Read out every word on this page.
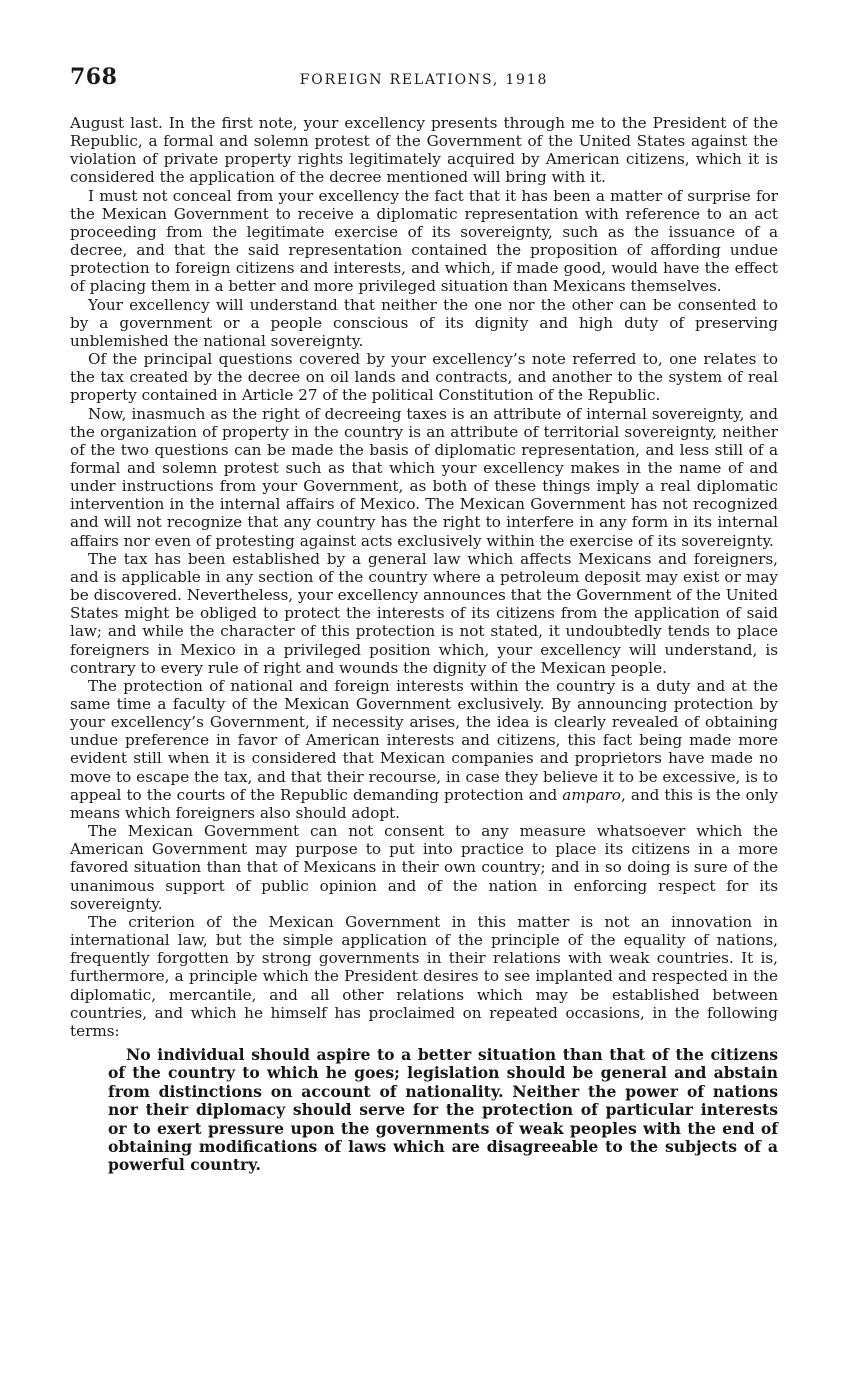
768	FOREIGN RELATIONS, 1918

August last. In the first note, your excellency presents through me to the President of the Republic, a formal and solemn protest of the Government of the United States against the violation of private property rights legitimately acquired by American citizens, which it is considered the application of the decree mentioned will bring with it.

I must not conceal from your excellency the fact that it has been a matter of surprise for the Mexican Government to receive a diplomatic representation with reference to an act proceeding from the legitimate exercise of its sovereignty, such as the issuance of a decree, and that the said representation contained the proposition of affording undue protection to foreign citizens and interests, and which, if made good, would have the effect of placing them in a better and more privileged situation than Mexicans themselves.

Your excellency will understand that neither the one nor the other can be consented to by a government or a people conscious of its dignity and high duty of preserving unblemished the national sovereignty.

Of the principal questions covered by your excellency’s note referred to, one relates to the tax created by the decree on oil lands and contracts, and another to the system of real property contained in Article 27 of the political Constitution of the Republic.

Now, inasmuch as the right of decreeing taxes is an attribute of internal sovereignty, and the organization of property in the country is an attribute of territorial sovereignty, neither of the two questions can be made the basis of diplomatic representation, and less still of a formal and solemn protest such as that which your excellency makes in the name of and under instructions from your Government, as both of these things imply a real diplomatic intervention in the internal affairs of Mexico. The Mexican Government has not recognized and will not recognize that any country has the right to interfere in any form in its internal affairs nor even of protesting against acts exclusively within the exercise of its sovereignty.

The tax has been established by a general law which affects Mexicans and foreigners, and is applicable in any section of the country where a petroleum deposit may exist or may be discovered. Nevertheless, your excellency announces that the Government of the United States might be obliged to protect the interests of its citizens from the application of said law; and while the character of this protection is not stated, it undoubtedly tends to place foreigners in Mexico in a privileged position which, your excellency will understand, is contrary to every rule of right and wounds the dignity of the Mexican people.

The protection of national and foreign interests within the country is a duty and at the same time a faculty of the Mexican Government exclusively. By announcing protection by your excellency’s Government, if necessity arises, the idea is clearly revealed of obtaining undue preference in favor of American interests and citizens, this fact being made more evident still when it is considered that Mexican companies and proprietors have made no move to escape the tax, and that their recourse, in case they believe it to be excessive, is to appeal to the courts of the Republic demanding protection and amparo, and this is the only means which foreigners also should adopt.

The Mexican Government can not consent to any measure whatsoever which the American Government may purpose to put into practice to place its citizens in a more favored situation than that of Mexicans in their own country; and in so doing is sure of the unanimous support of public opinion and of the nation in enforcing respect for its sovereignty.

The criterion of the Mexican Government in this matter is not an innovation in international law, but the simple application of the principle of the equality of nations, frequently forgotten by strong governments in their relations with weak countries. It is, furthermore, a principle which the President desires to see implanted and respected in the diplomatic, mercantile, and all other relations which may be established between countries, and which he himself has proclaimed on repeated occasions, in the following terms:

No individual should aspire to a better situation than that of the citizens of the country to which he goes; legislation should be general and abstain from distinctions on account of nationality. Neither the power of nations nor their diplomacy should serve for the protection of particular interests or to exert pressure upon the governments of weak peoples with the end of obtaining modifications of laws which are disagreeable to the subjects of a powerful country.
